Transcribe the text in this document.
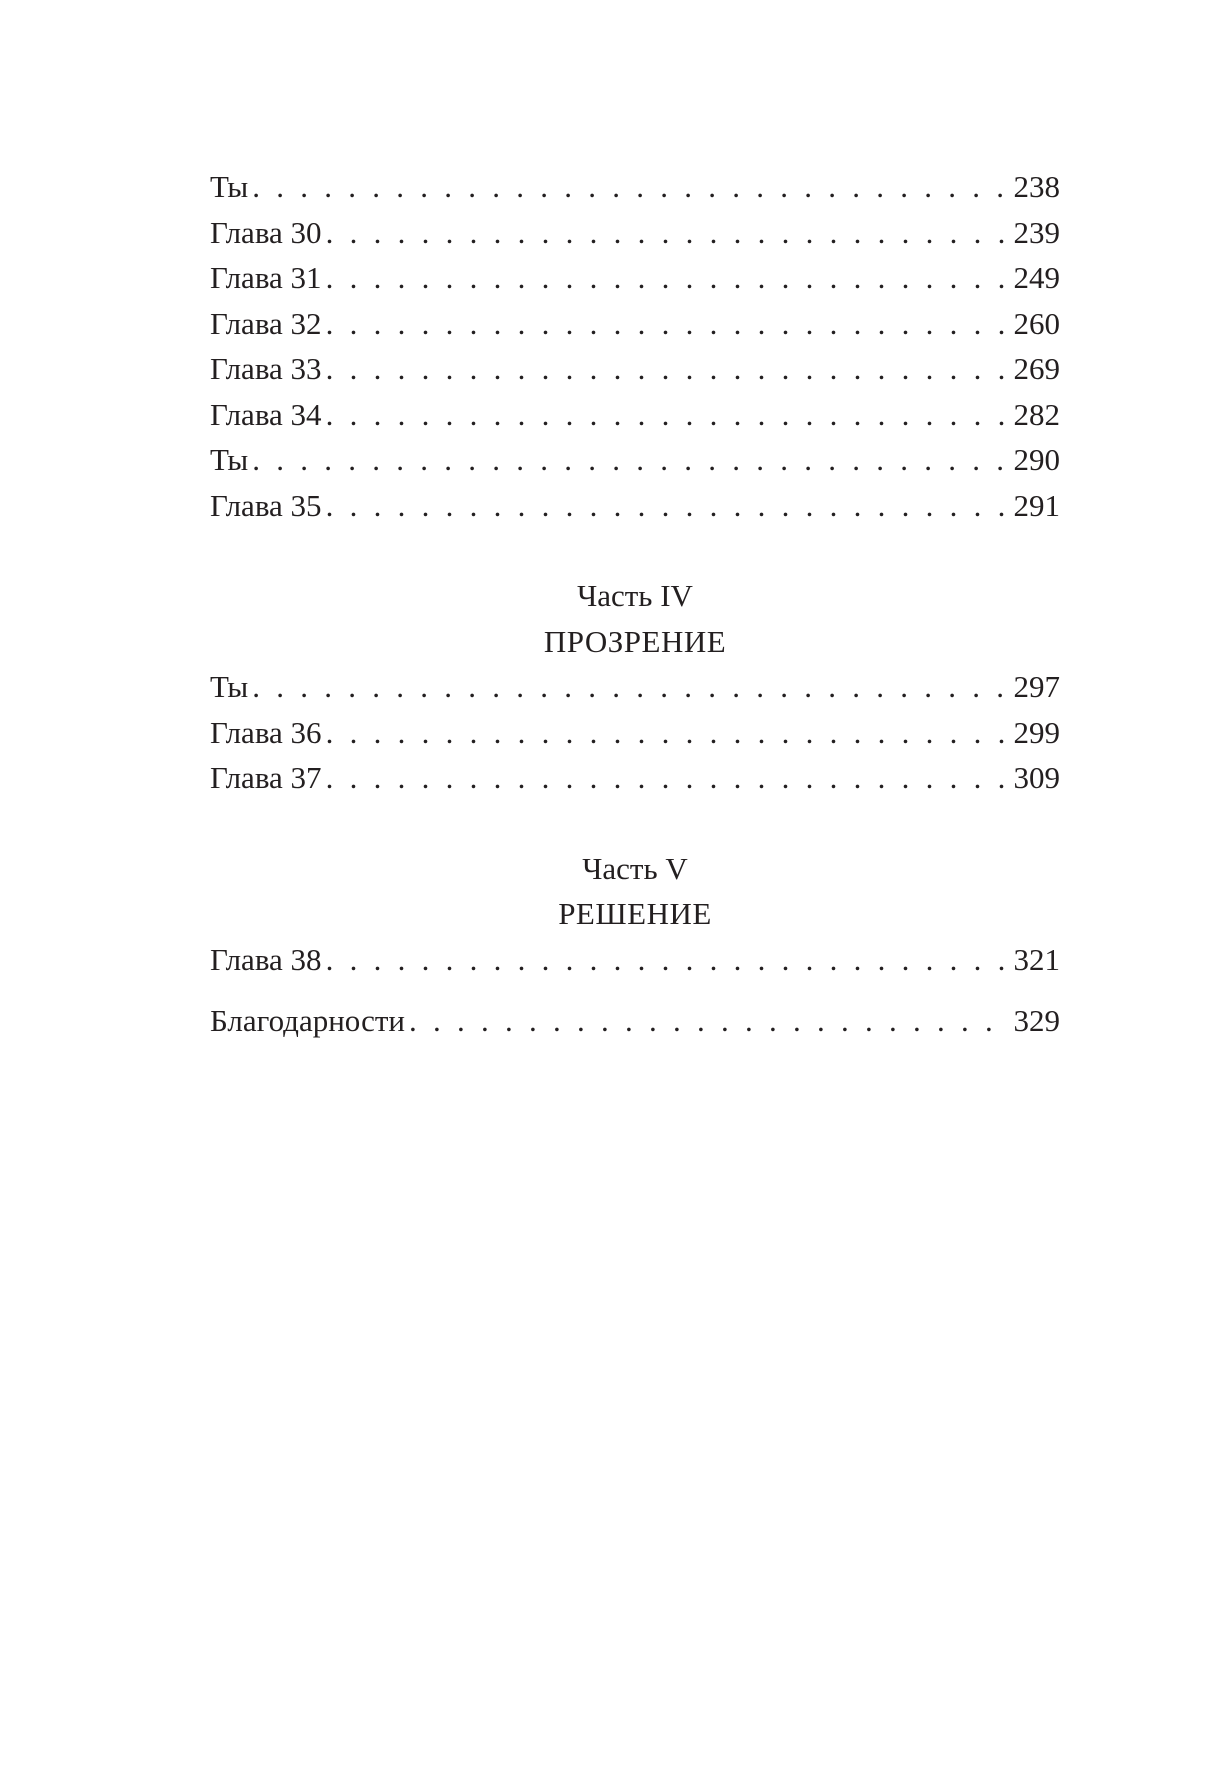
Ты . . .	238
Глава 30 . . .	239
Глава 31 . . .	249
Глава 32 . . .	260
Глава 33 . . .	269
Глава 34 . . .	282
Ты . . .	290
Глава 35 . . .	291
Часть IV
ПРОЗРЕНИЕ
Ты . . .	297
Глава 36 . . .	299
Глава 37 . . .	309
Часть V
РЕШЕНИЕ
Глава 38 . . .	321
Благодарности . . .	329
